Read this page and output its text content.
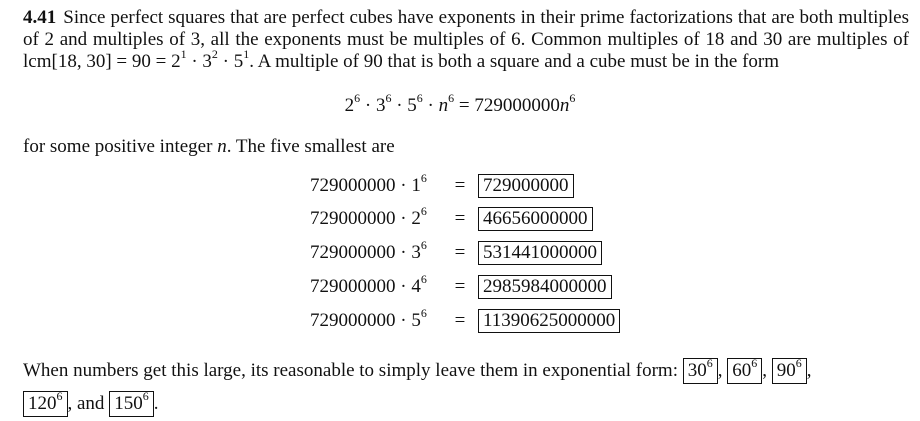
4.41 Since perfect squares that are perfect cubes have exponents in their prime factorizations that are both multiples of 2 and multiples of 3, all the exponents must be multiples of 6. Common multiples of 18 and 30 are multiples of lcm[18, $30] = 90 = 2^1 \cdot 3^2 \cdot 5^1$. A multiple of 90 that is both a square and a cube must be in the form
$2^6 \cdot 3^6 \cdot 5^6 \cdot n^6 = 729000000n^6$
for some positive integer n. The five smallest are
$729000000 \cdot 1^6$	= 729000000
$729000000 \cdot 2^6$	= 46656000000
$729000000 \cdot 3^6$	= 531441000000
$729000000 \cdot 4^6$	= 2985984000000
$729000000 \cdot 5^6$	= 11390625000000
When numbers get this large, its reasonable to simply leave them in exponential form: $30^6$ , $60^6$ , $90^6$ ,
$120^6$ , and $150^6$ .
